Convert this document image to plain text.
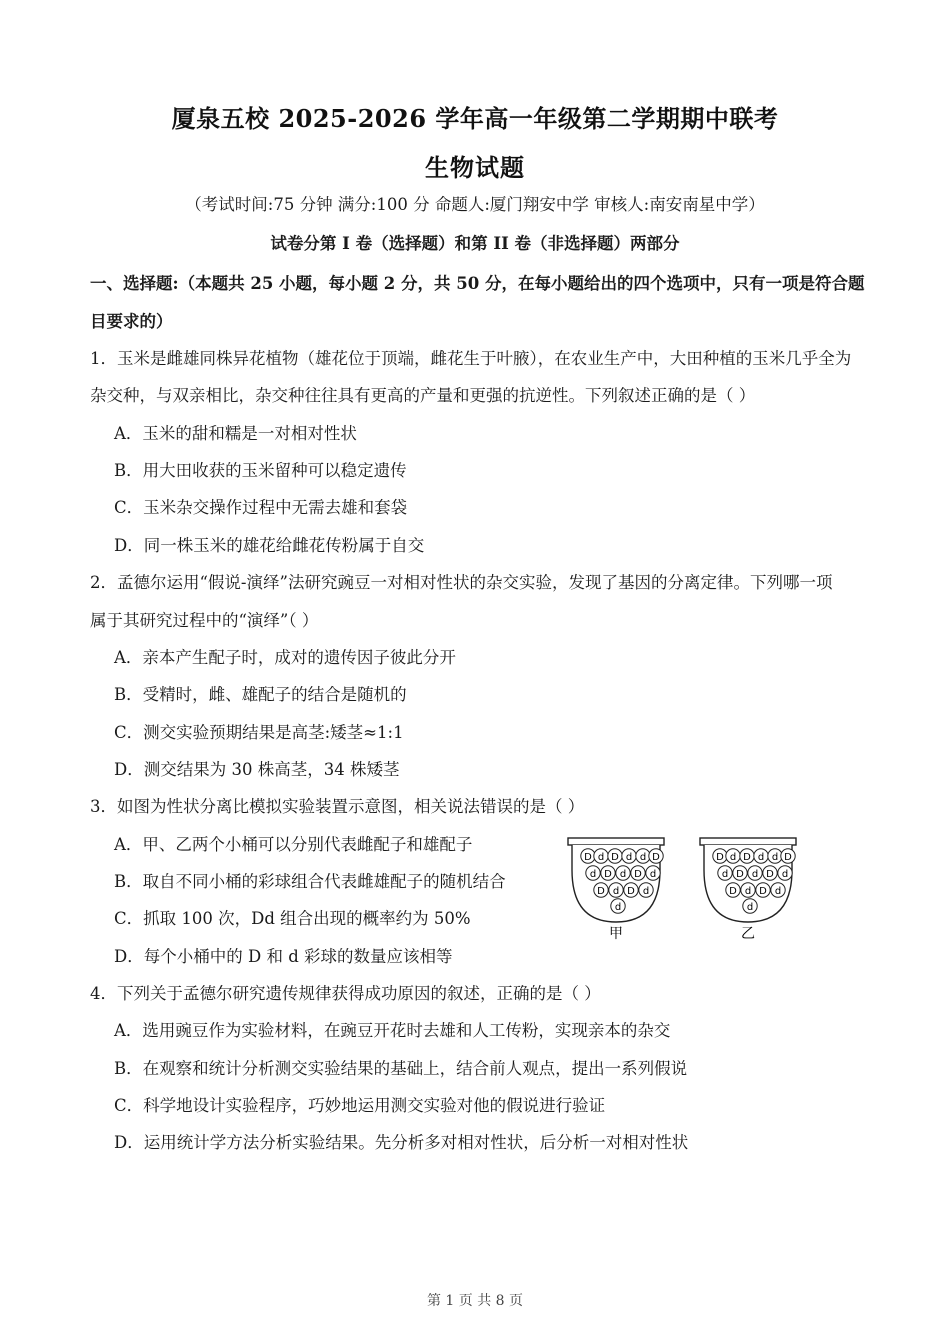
厦泉五校 2025-2026 学年高一年级第二学期期中联考
生物试题
（考试时间:75 分钟 满分:100 分 命题人:厦门翔安中学 审核人:南安南星中学）
试卷分第 I 卷（选择题）和第 II 卷（非选择题）两部分
一、选择题:（本题共 25 小题，每小题 2 分，共 50 分，在每小题给出的四个选项中，只有一项是符合题
目要求的）
1．玉米是雌雄同株异花植物（雄花位于顶端，雌花生于叶腋），在农业生产中，大田种植的玉米几乎全为
杂交种，与双亲相比，杂交种往往具有更高的产量和更强的抗逆性。下列叙述正确的是（ ）
A．玉米的甜和糯是一对相对性状
B．用大田收获的玉米留种可以稳定遗传
C．玉米杂交操作过程中无需去雄和套袋
D．同一株玉米的雄花给雌花传粉属于自交
2．孟德尔运用“假说-演绎”法研究豌豆一对相对性状的杂交实验，发现了基因的分离定律。下列哪一项
属于其研究过程中的“演绎”（ ）
A．亲本产生配子时，成对的遗传因子彼此分开
B．受精时，雌、雄配子的结合是随机的
C．测交实验预期结果是高茎:矮茎≈1:1
D．测交结果为 30 株高茎，34 株矮茎
3．如图为性状分离比模拟实验装置示意图，相关说法错误的是（ ）
A．甲、乙两个小桶可以分别代表雌配子和雄配子
B．取自不同小桶的彩球组合代表雌雄配子的随机结合
C．抓取 100 次，Dd 组合出现的概率约为 50%
D．每个小桶中的 D 和 d 彩球的数量应该相等
D d D d d D
d D d D d
D d D d
d
甲
D d D d d D
d D d D d
D d D d
d
乙
4．下列关于孟德尔研究遗传规律获得成功原因的叙述，正确的是（ ）
A．选用豌豆作为实验材料，在豌豆开花时去雄和人工传粉，实现亲本的杂交
B．在观察和统计分析测交实验结果的基础上，结合前人观点，提出一系列假说
C．科学地设计实验程序，巧妙地运用测交实验对他的假说进行验证
D．运用统计学方法分析实验结果。先分析多对相对性状，后分析一对相对性状
第 1 页 共 8 页
